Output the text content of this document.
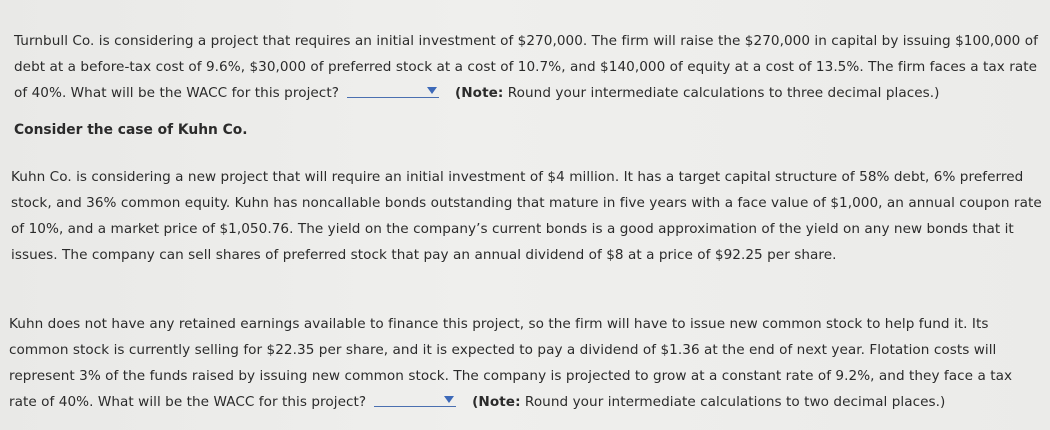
Turnbull Co. is considering a project that requires an initial investment of $270,000. The firm will raise the $270,000 in capital by issuing $100,000 of
debt at a before-tax cost of 9.6%, $30,000 of preferred stock at a cost of 10.7%, and $140,000 of equity at a cost of 13.5%. The firm faces a tax rate
of 40%. What will be the WACC for this project?	(Note: Round your intermediate calculations to three decimal places.)
Consider the case of Kuhn Co.
Kuhn Co. is considering a new project that will require an initial investment of $4 million. It has a target capital structure of 58% debt, 6% preferred
stock, and 36% common equity. Kuhn has noncallable bonds outstanding that mature in five years with a face value of $1,000, an annual coupon rate
of 10%, and a market price of $1,050.76. The yield on the company’s current bonds is a good approximation of the yield on any new bonds that it
issues. The company can sell shares of preferred stock that pay an annual dividend of $8 at a price of $92.25 per share.
Kuhn does not have any retained earnings available to finance this project, so the firm will have to issue new common stock to help fund it. Its
common stock is currently selling for $22.35 per share, and it is expected to pay a dividend of $1.36 at the end of next year. Flotation costs will
represent 3% of the funds raised by issuing new common stock. The company is projected to grow at a constant rate of 9.2%, and they face a tax
rate of 40%. What will be the WACC for this project?	(Note: Round your intermediate calculations to two decimal places.)
